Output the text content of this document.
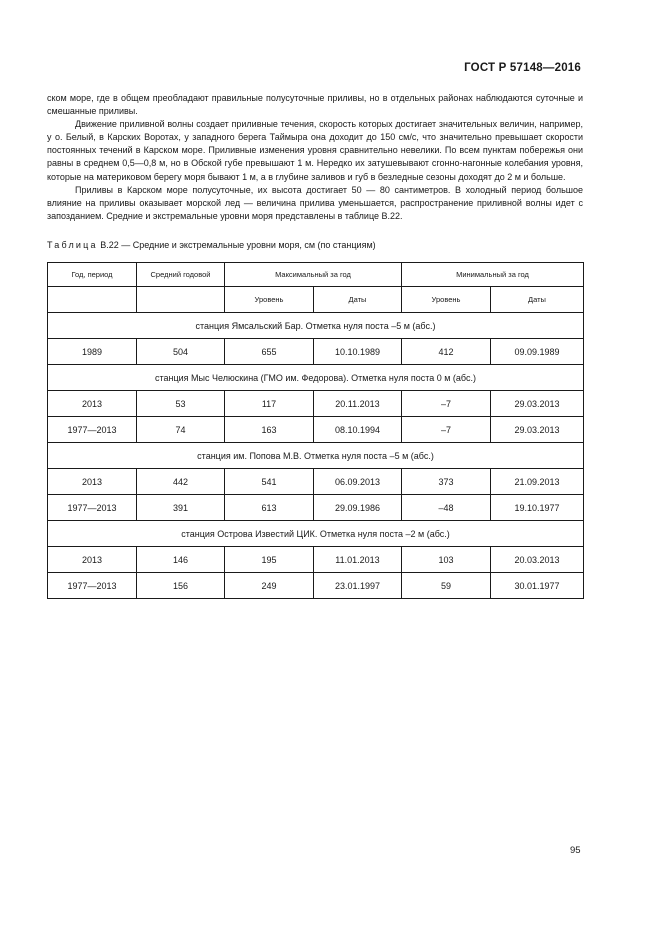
ГОСТ Р 57148—2016

ском море, где в общем преобладают правильные полусуточные приливы, но в отдельных районах наблюдаются суточные и смешанные приливы.

Движение приливной волны создает приливные течения, скорость которых достигает значительных величин, например, у о. Белый, в Карских Воротах, у западного берега Таймыра она доходит до 150 см/с, что значительно превышает скорости постоянных течений в Карском море. Приливные изменения уровня сравнительно невелики. По всем пунктам побережья они равны в среднем 0,5—0,8 м, но в Обской губе превышают 1 м. Нередко их затушевывают сгонно-нагонные колебания уровня, которые на материковом берегу моря бывают 1 м, а в глубине заливов и губ в безледные сезоны доходят до 2 м и больше.

Приливы в Карском море полусуточные, их высота достигает 50 — 80 сантиметров. В холодный период большое влияние на приливы оказывает морской лед — величина прилива уменьшается, распространение приливной волны идет с запозданием. Средние и экстремальные уровни моря представлены в таблице В.22.

Таблица В.22 — Средние и экстремальные уровни моря, см (по станциям)
Год, период	Средний годовой	Максимальный за год		Минимальный за год	
		Уровень	Даты	Уровень	Даты
станция Ямсальский Бар. Отметка нуля поста –5 м (абс.)					
1989	504	655	10.10.1989	412	09.09.1989
станция Мыс Челюскина (ГМО им. Федорова). Отметка нуля поста 0 м (абс.)					
2013	53	117	20.11.2013	–7	29.03.2013
1977—2013	74	163	08.10.1994	–7	29.03.2013
станция им. Попова М.В. Отметка нуля поста –5 м (абс.)					
2013	442	541	06.09.2013	373	21.09.2013
1977—2013	391	613	29.09.1986	–48	19.10.1977
станция Острова Известий ЦИК. Отметка нуля поста –2 м (абс.)					
2013	146	195	11.01.2013	103	20.03.2013
1977—2013	156	249	23.01.1997	59	30.01.1977
95
